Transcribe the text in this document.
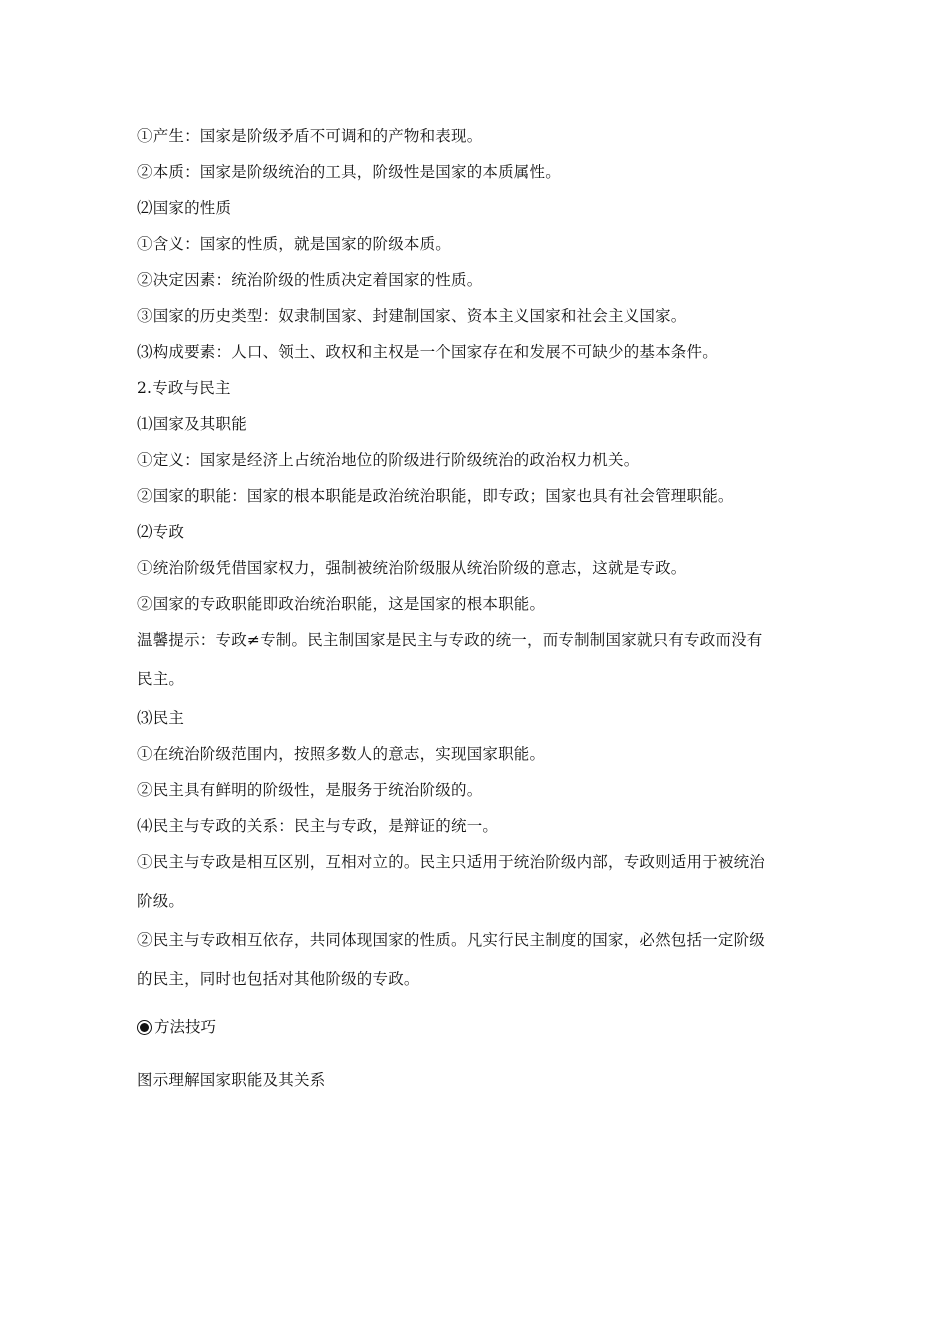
①产生：国家是阶级矛盾不可调和的产物和表现。
②本质：国家是阶级统治的工具，阶级性是国家的本质属性。
⑵国家的性质
①含义：国家的性质，就是国家的阶级本质。
②决定因素：统治阶级的性质决定着国家的性质。
③国家的历史类型：奴隶制国家、封建制国家、资本主义国家和社会主义国家。
⑶构成要素：人口、领土、政权和主权是一个国家存在和发展不可缺少的基本条件。
2.专政与民主
⑴国家及其职能
①定义：国家是经济上占统治地位的阶级进行阶级统治的政治权力机关。
②国家的职能：国家的根本职能是政治统治职能，即专政；国家也具有社会管理职能。
⑵专政
①统治阶级凭借国家权力，强制被统治阶级服从统治阶级的意志，这就是专政。
②国家的专政职能即政治统治职能，这是国家的根本职能。
温馨提示：专政≠专制。民主制国家是民主与专政的统一，而专制制国家就只有专政而没有
民主。
⑶民主
①在统治阶级范围内，按照多数人的意志，实现国家职能。
②民主具有鲜明的阶级性，是服务于统治阶级的。
⑷民主与专政的关系：民主与专政，是辩证的统一。
①民主与专政是相互区别，互相对立的。民主只适用于统治阶级内部，专政则适用于被统治
阶级。
②民主与专政相互依存，共同体现国家的性质。凡实行民主制度的国家，必然包括一定阶级
的民主，同时也包括对其他阶级的专政。
方法技巧
图示理解国家职能及其关系
